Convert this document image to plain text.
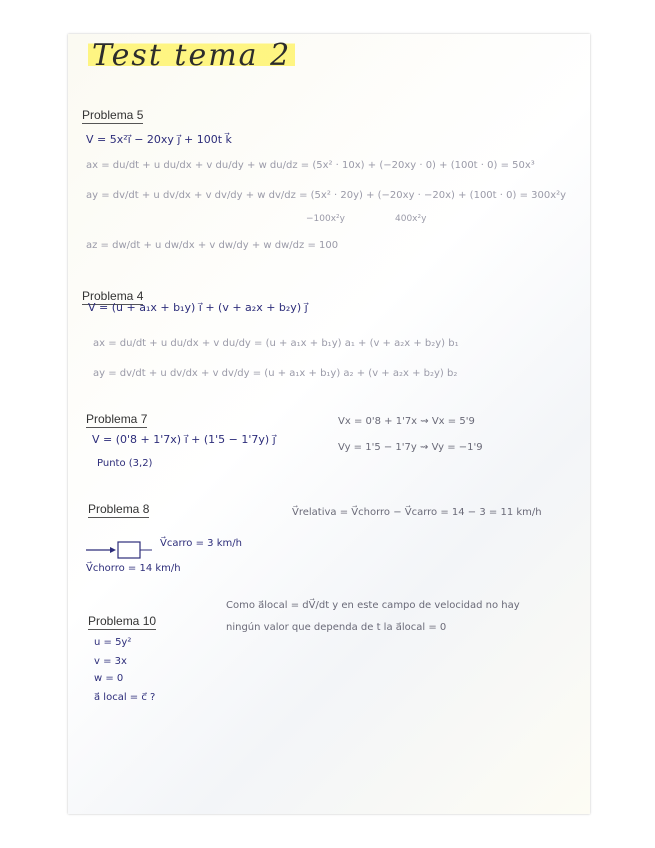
Test tema 2
Problema 5
V = 5x²i⃗ − 20xy j⃗ + 100t k⃗
ax = du/dt + u du/dx + v du/dy + w du/dz = (5x² · 10x) + (−20xy · 0) + (100t · 0) = 50x³
ay = dv/dt + u dv/dx + v dv/dy + w dv/dz = (5x² · 20y) + (−20xy · −20x) + (100t · 0) = 300x²y
−100x²y	400x²y
az = dw/dt + u dw/dx + v dw/dy + w dw/dz = 100
Problema 4
V = (u + a₁x + b₁y) i⃗ + (v + a₂x + b₂y) j⃗
ax = du/dt + u du/dx + v du/dy = (u + a₁x + b₁y) a₁ + (v + a₂x + b₂y) b₁
ay = dv/dt + u dv/dx + v dv/dy = (u + a₁x + b₁y) a₂ + (v + a₂x + b₂y) b₂
Problema 7
V = (0'8 + 1'7x) i⃗ + (1'5 − 1'7y) j⃗
Punto (3,2)
Vx = 0'8 + 1'7x ⇝ Vx = 5'9
Vy = 1'5 − 1'7y ⇝ Vy = −1'9
Problema 8	V⃗relativa = V⃗chorro − V⃗carro = 14 − 3 = 11 km/h
V⃗carro = 3 km/h
V⃗chorro = 14 km/h
Problema 10
u = 5y²
v = 3x
w = 0
a⃗ local = c⃗ ?
Como a⃗local = dV⃗/dt y en este campo de velocidad no hay
ningún valor que dependa de t la a⃗local = 0
